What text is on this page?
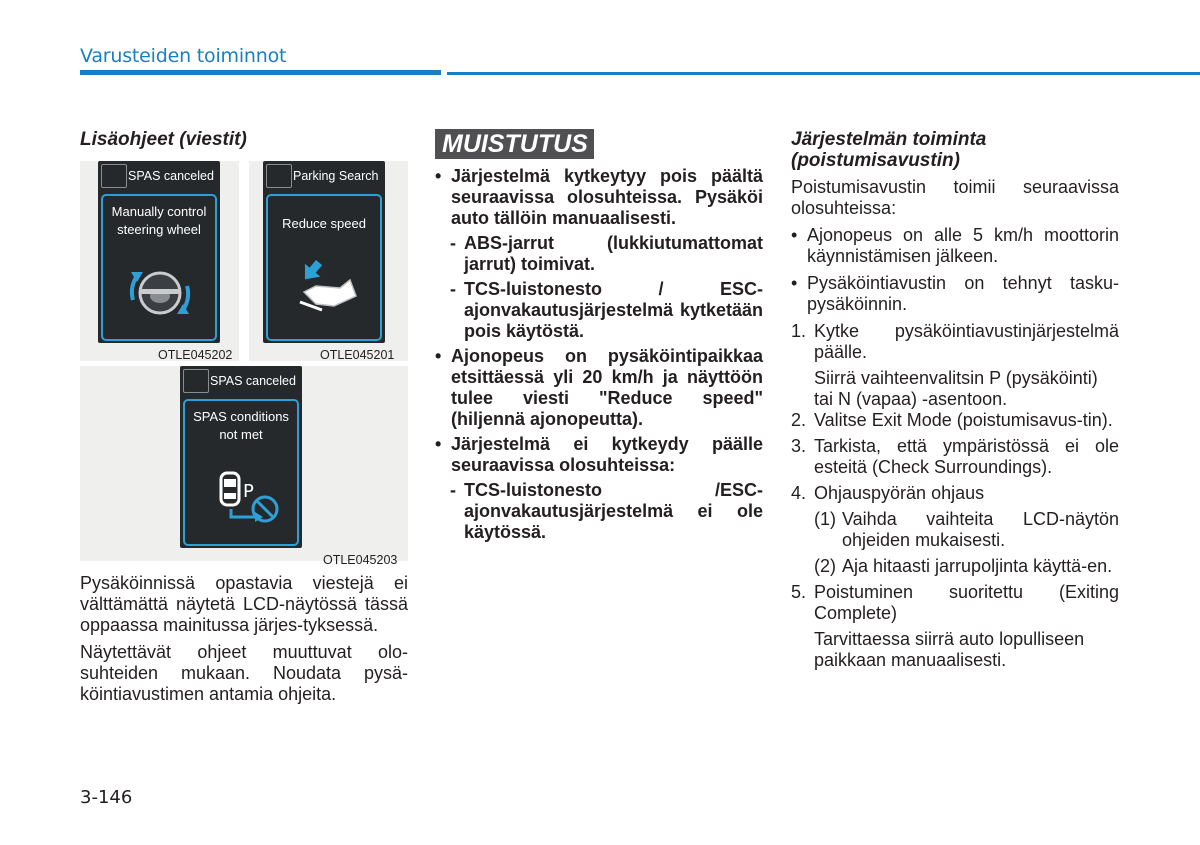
Varusteiden toiminnot

Lisäohjeet (viestit)

SPAS canceled
Manually control
steering wheel
OTLE045202
Parking Search
Reduce speed
OTLE045201
SPAS canceled
SPAS conditions
not met
P
OTLE045203

Pysäköinnissä opastavia viestejä ei välttämättä näytetä LCD-näytössä tässä oppaassa mainitussa järjes-tyksessä.

Näytettävät ohjeet muuttuvat olo-suhteiden mukaan. Noudata pysä-köintiavustimen antamia ohjeita.

MUISTUTUS
• Järjestelmä kytkeytyy pois päältä seuraavissa olosuhteissa. Pysäköi auto tällöin manuaalisesti.
- ABS-jarrut (lukkiutumattomat jarrut) toimivat.
- TCS-luistonesto / ESC-ajonvakautusjärjestelmä kytketään pois käytöstä.
• Ajonopeus on pysäköintipaikkaa etsittäessä yli 20 km/h ja näyttöön tulee viesti "Reduce speed" (hiljennä ajonopeutta).
• Järjestelmä ei kytkeydy päälle seuraavissa olosuhteissa:
- TCS-luistonesto /ESC-ajonvakautusjärjestelmä ei ole käytössä.

Järjestelmän toiminta
(poistumisavustin)

Poistumisavustin toimii seuraavissa olosuhteissa:

• Ajonopeus on alle 5 km/h moottorin käynnistämisen jälkeen.
• Pysäköintiavustin on tehnyt tasku-pysäköinnin.
1. Kytke pysäköintiavustinjärjestelmä päälle.

Siirrä vaihteenvalitsin P (pysäköinti) tai N (vapaa) -asentoon.

2. Valitse Exit Mode (poistumisavus-tin).
3. Tarkista, että ympäristössä ei ole esteitä (Check Surroundings).
4. Ohjauspyörän ohjaus
(1) Vaihda vaihteita LCD-näytön ohjeiden mukaisesti.
(2) Aja hitaasti jarrupoljinta käyttä-en.
5. Poistuminen suoritettu (Exiting Complete)

Tarvittaessa siirrä auto lopulliseen paikkaan manuaalisesti.

3-146
